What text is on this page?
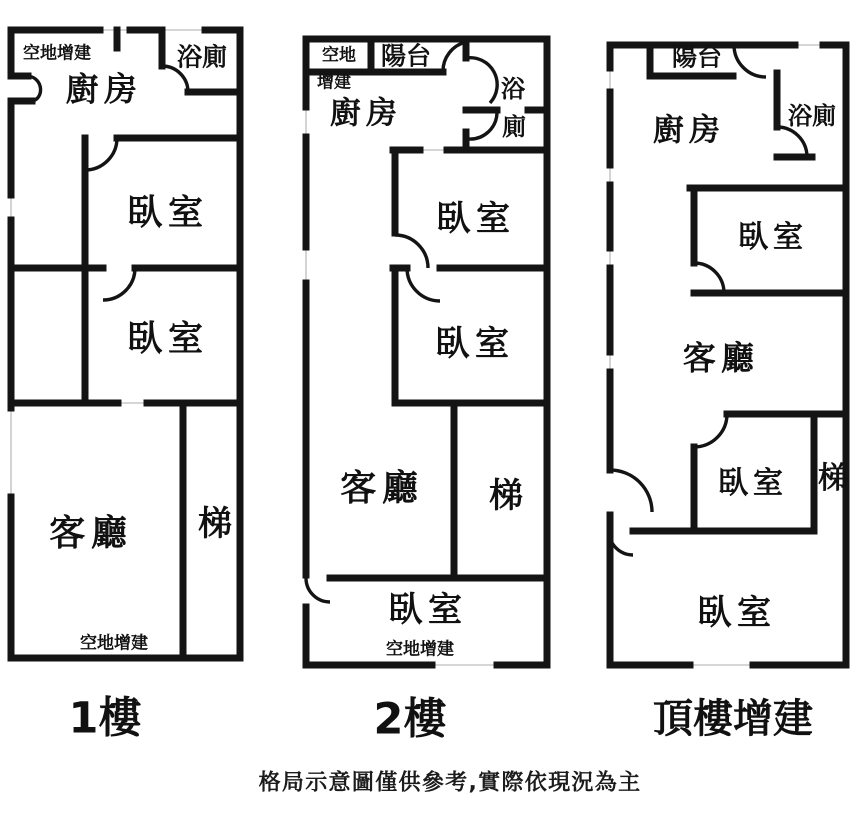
空地增建
廚房
浴廁
臥室
臥室
客廳 梯
空地增建
1樓
空地
增建
陽台
廚房
浴
廁
臥室
臥室
客廳 梯
臥室
空地增建
2樓
陽台
廚房	浴廁
臥室
客廳
臥室 梯
臥室
頂樓增建
格局示意圖僅供參考,實際依現況為主
